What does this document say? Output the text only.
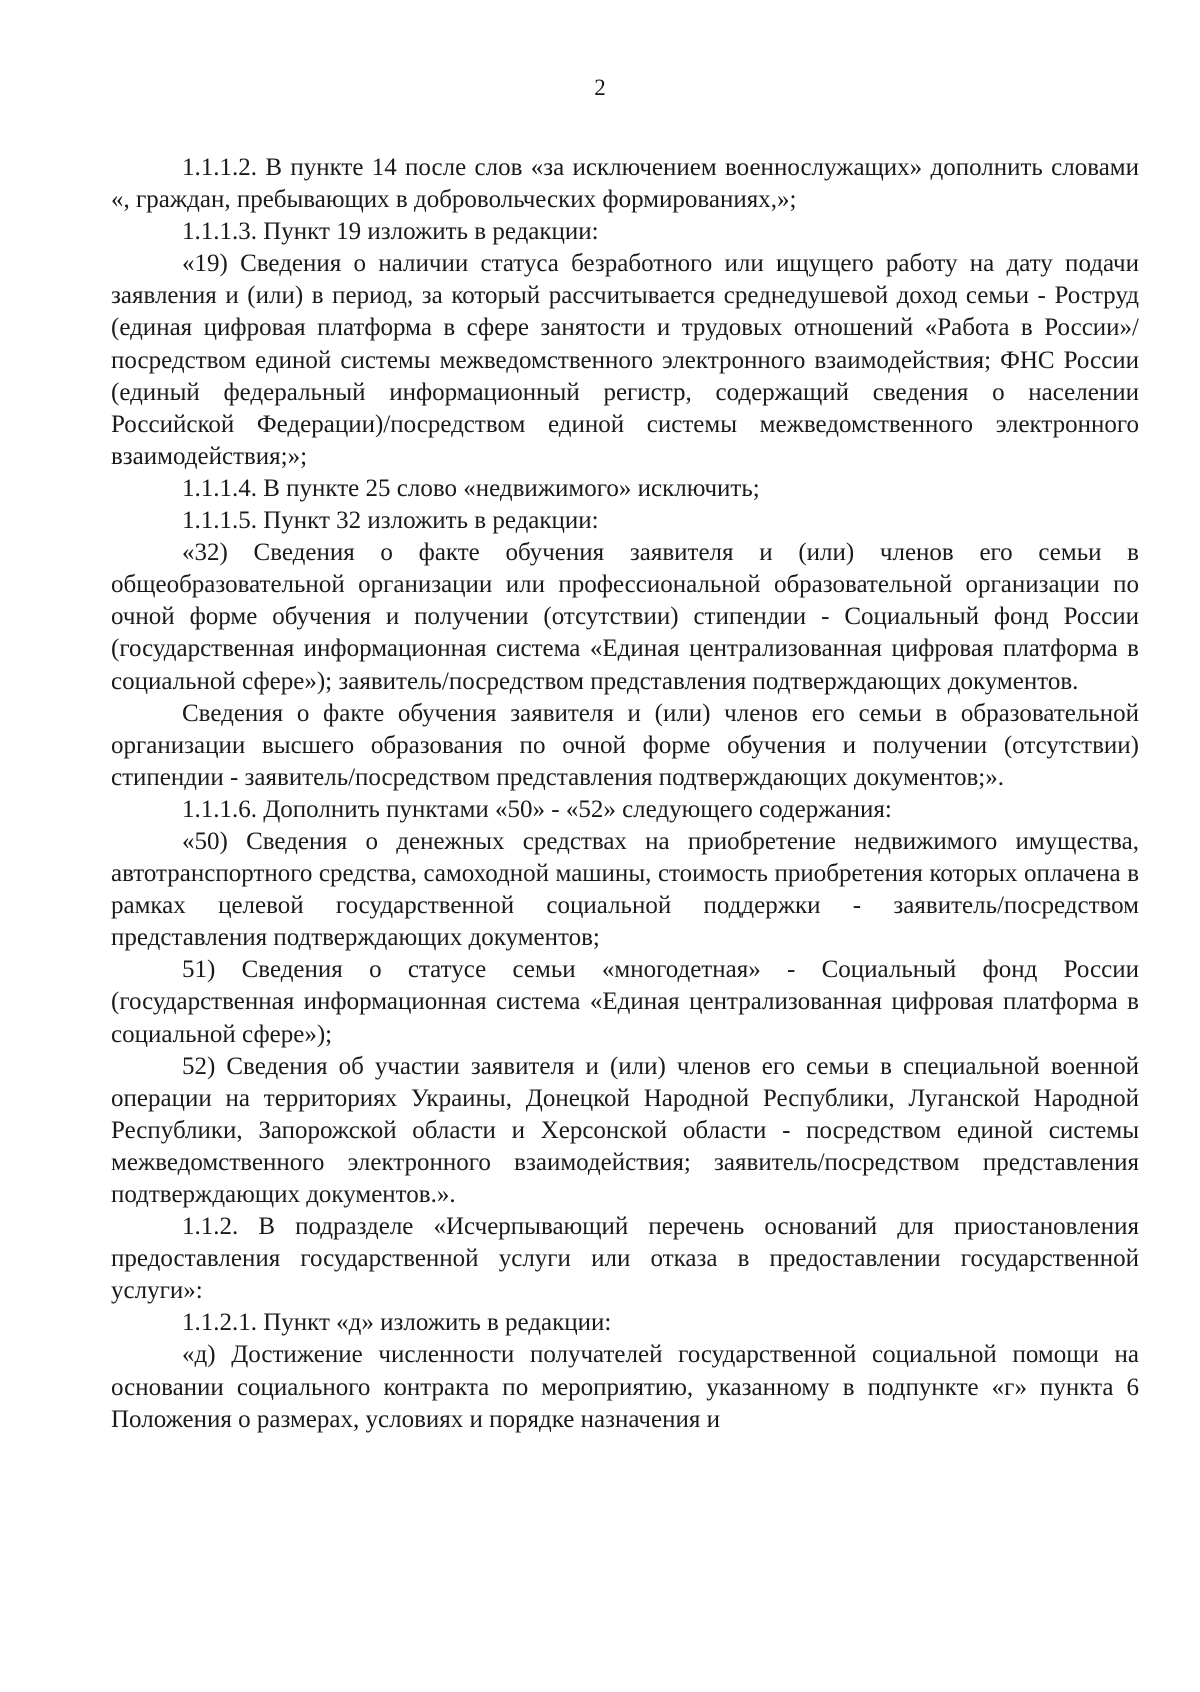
2

1.1.1.2. В пункте 14 после слов «за исключением военнослужащих» дополнить словами «, граждан, пребывающих в добровольческих формированиях,»;

1.1.1.3. Пункт 19 изложить в редакции:

«19) Сведения о наличии статуса безработного или ищущего работу на дату подачи заявления и (или) в период, за который рассчитывается среднедушевой доход семьи - Роструд (единая цифровая платформа в сфере занятости и трудовых отношений «Работа в России»/посредством единой системы межведомственного электронного взаимодействия; ФНС России (единый федеральный информационный регистр, содержащий сведения о населении Российской Федерации)/посредством единой системы межведомственного электронного взаимодействия;»;

1.1.1.4. В пункте 25 слово «недвижимого» исключить;

1.1.1.5. Пункт 32 изложить в редакции:

«32) Сведения о факте обучения заявителя и (или) членов его семьи в общеобразовательной организации или профессиональной образовательной организации по очной форме обучения и получении (отсутствии) стипендии - Социальный фонд России (государственная информационная система «Единая централизованная цифровая платформа в социальной сфере»); заявитель/посредством представления подтверждающих документов.

Сведения о факте обучения заявителя и (или) членов его семьи в образовательной организации высшего образования по очной форме обучения и получении (отсутствии) стипендии - заявитель/посредством представления подтверждающих документов;».

1.1.1.6. Дополнить пунктами «50» - «52» следующего содержания:

«50) Сведения о денежных средствах на приобретение недвижимого имущества, автотранспортного средства, самоходной машины, стоимость приобретения которых оплачена в рамках целевой государственной социальной поддержки - заявитель/посредством представления подтверждающих документов;

51) Сведения о статусе семьи «многодетная» - Социальный фонд России (государственная информационная система «Единая централизованная цифровая платформа в социальной сфере»);

52) Сведения об участии заявителя и (или) членов его семьи в специальной военной операции на территориях Украины, Донецкой Народной Республики, Луганской Народной Республики, Запорожской области и Херсонской области - посредством единой системы межведомственного электронного взаимодействия; заявитель/посредством представления подтверждающих документов.».

1.1.2. В подразделе «Исчерпывающий перечень оснований для приостановления предоставления государственной услуги или отказа в предоставлении государственной услуги»:

1.1.2.1. Пункт «д» изложить в редакции:

«д) Достижение численности получателей государственной социальной помощи на основании социального контракта по мероприятию, указанному в подпункте «г» пункта 6 Положения о размерах, условиях и порядке назначения и
